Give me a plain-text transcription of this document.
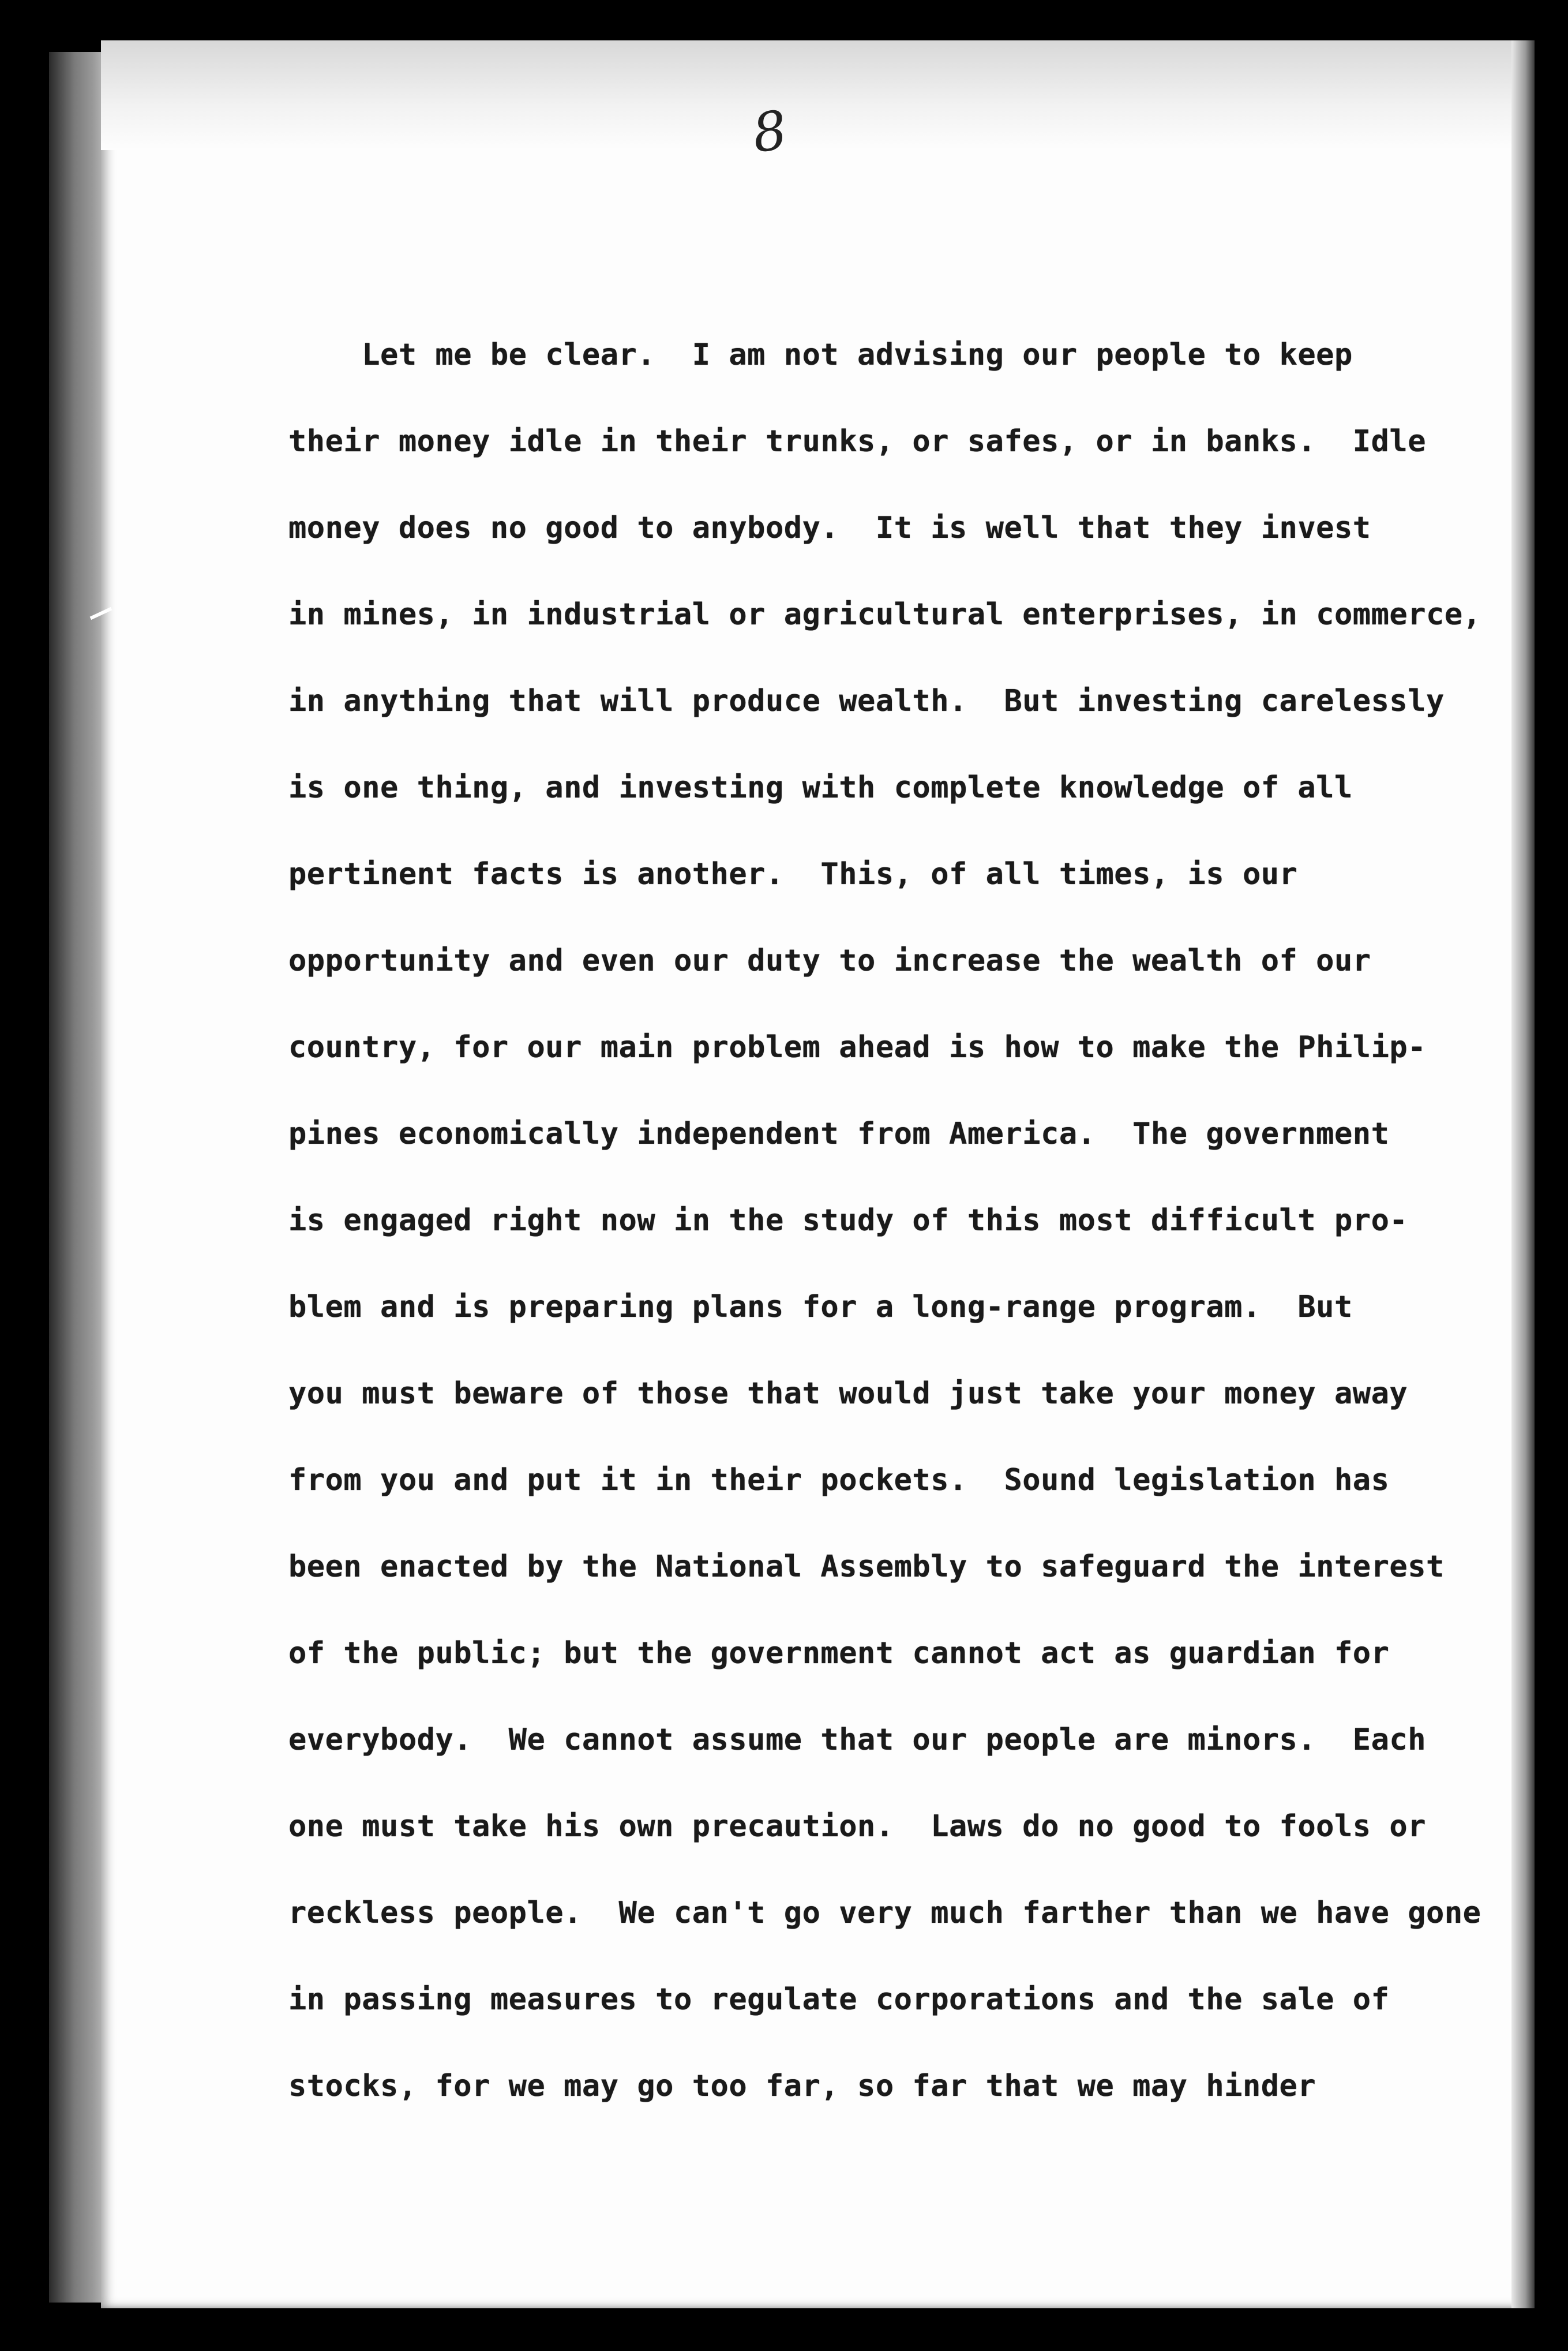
8
Let me be clear.  I am not advising our people to keep
their money idle in their trunks, or safes, or in banks.  Idle
money does no good to anybody.  It is well that they invest
in mines, in industrial or agricultural enterprises, in commerce,
in anything that will produce wealth.  But investing carelessly
is one thing, and investing with complete knowledge of all
pertinent facts is another.  This, of all times, is our
opportunity and even our duty to increase the wealth of our
country, for our main problem ahead is how to make the Philip-
pines economically independent from America.  The government
is engaged right now in the study of this most difficult pro-
blem and is preparing plans for a long-range program.  But
you must beware of those that would just take your money away
from you and put it in their pockets.  Sound legislation has
been enacted by the National Assembly to safeguard the interest
of the public; but the government cannot act as guardian for
everybody.  We cannot assume that our people are minors.  Each
one must take his own precaution.  Laws do no good to fools or
reckless people.  We can't go very much farther than we have gone
in passing measures to regulate corporations and the sale of
stocks, for we may go too far, so far that we may hinder
